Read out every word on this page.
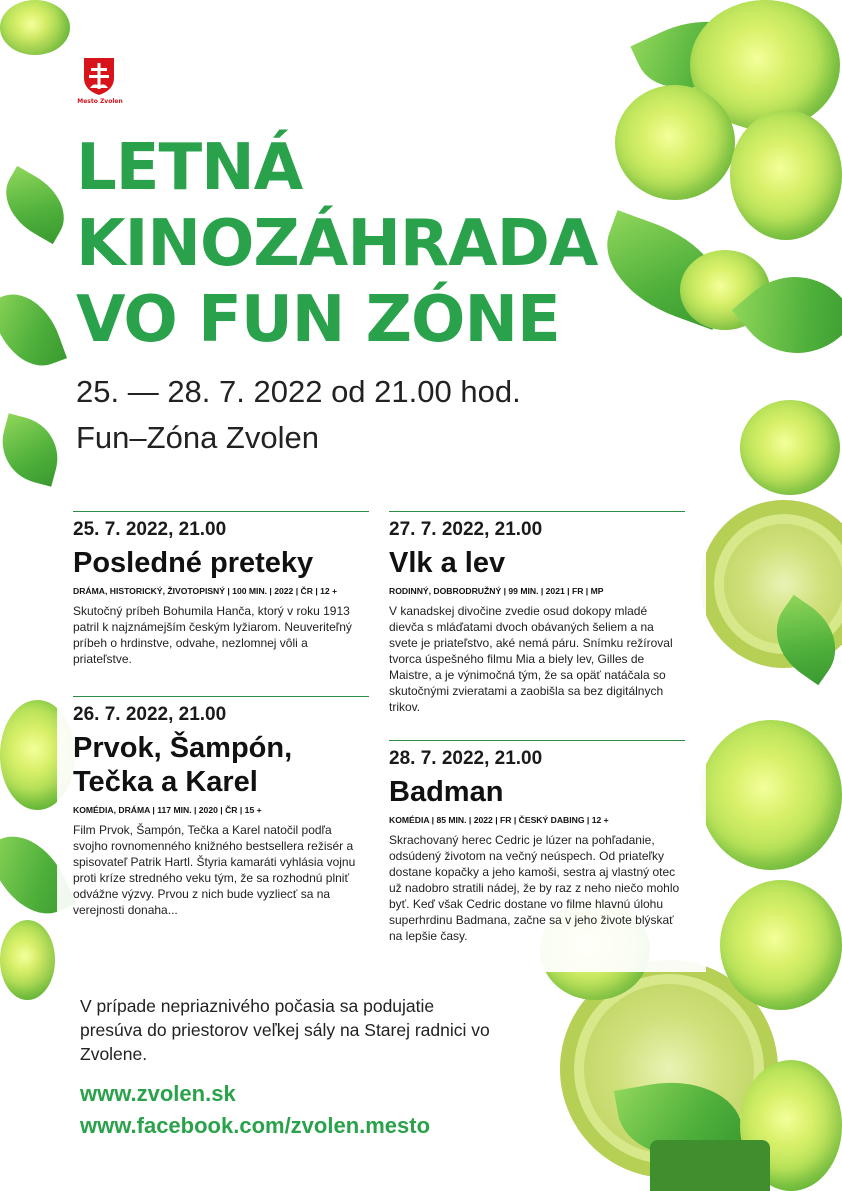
Mesto Zvolen
LETNÁ
KINOZÁHRADA
VO FUN ZÓNE

25. — 28. 7. 2022 od 21.00 hod.

Fun–Zóna Zvolen

25. 7. 2022, 21.00
Posledné preteky
DRÁMA, HISTORICKÝ, ŽIVOTOPISNÝ | 100 MIN. | 2022 | ČR | 12 +
Skutočný príbeh Bohumila Hanča, ktorý v roku 1913 patril k najznámejším českým lyžiarom. Neuveriteľný príbeh o hrdinstve, odvahe, nezlomnej vôli a priateľstve.
26. 7. 2022, 21.00
Prvok, Šampón,
Tečka a Karel
KOMÉDIA, DRÁMA | 117 MIN. | 2020 | ČR | 15 +
Film Prvok, Šampón, Tečka a Karel natočil podľa svojho rovnomenného knižného bestsellera režisér a spisovateľ Patrik Hartl. Štyria kamaráti vyhlásia vojnu proti kríze stredného veku tým, že sa rozhodnú plniť odvážne výzvy. Prvou z nich bude vyzliecť sa na verejnosti donaha...
27. 7. 2022, 21.00
Vlk a lev
RODINNÝ, DOBRODRUŽNÝ | 99 MIN. | 2021 | FR | MP
V kanadskej divočine zvedie osud dokopy mladé dievča s mláďatami dvoch obávaných šeliem a na svete je priateľstvo, aké nemá páru. Snímku režíroval tvorca úspešného filmu Mia a biely lev, Gilles de Maistre, a je výnimočná tým, že sa opäť natáčala so skutočnými zvieratami a zaobišla sa bez digitálnych trikov.
28. 7. 2022, 21.00
Badman
KOMÉDIA | 85 MIN. | 2022 | FR | ČESKÝ DABING | 12 +
Skrachovaný herec Cedric je lúzer na pohľadanie, odsúdený životom na večný neúspech. Od priateľky dostane kopačky a jeho kamoši, sestra aj vlastný otec už nadobro stratili nádej, že by raz z neho niečo mohlo byť. Keď však Cedric dostane vo filme hlavnú úlohu superhrdinu Badmana, začne sa v jeho živote blýskať na lepšie časy.

V prípade nepriaznivého počasia sa podujatie presúva do priestorov veľkej sály na Starej radnici vo Zvolene.

www.zvolen.sk
www.facebook.com/zvolen.mesto
